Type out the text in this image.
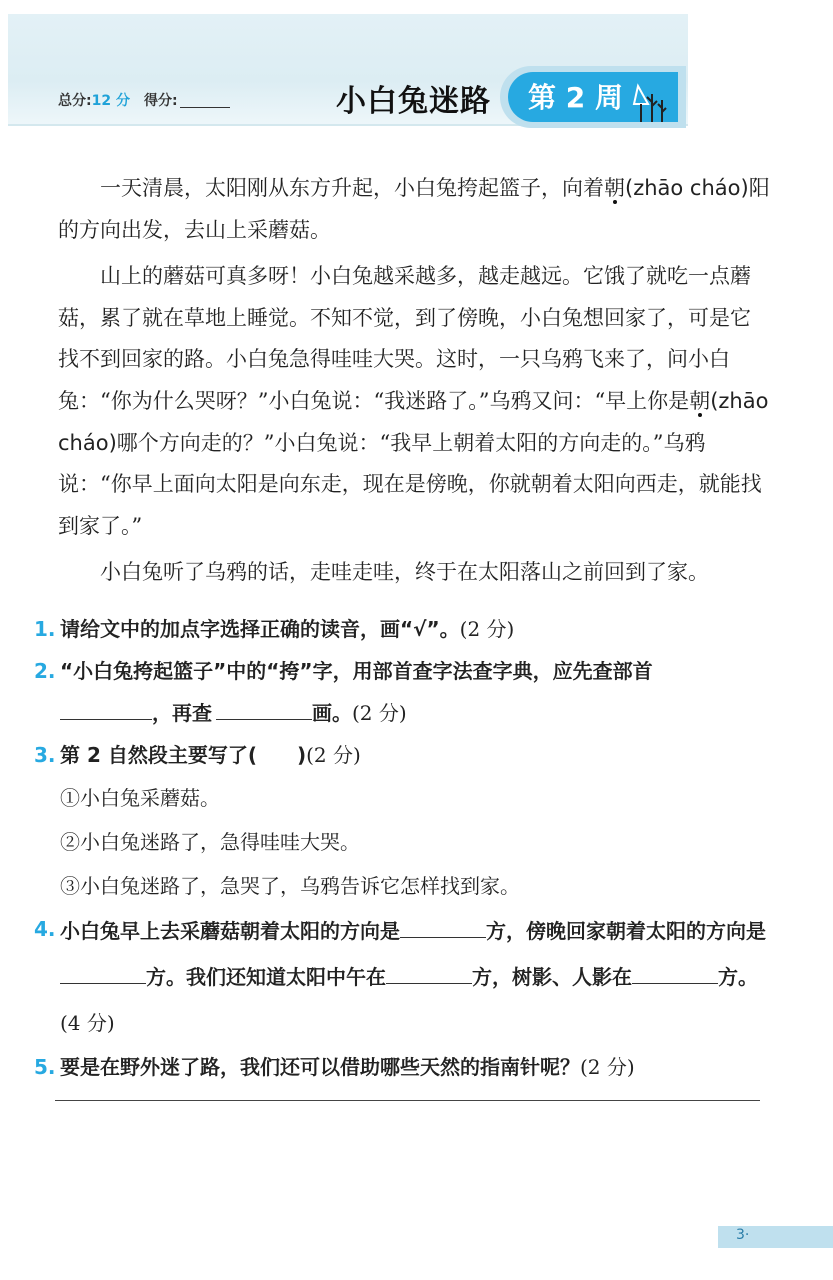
总分: 12 分 得分:	小白兔迷路 第 2 周

一天清晨，太阳刚从东方升起，小白兔挎起篮子，向着朝(zhāo cháo)阳的方向出发，去山上采蘑菇。

山上的蘑菇可真多呀！小白兔越采越多，越走越远。它饿了就吃一点蘑菇，累了就在草地上睡觉。不知不觉，到了傍晚，小白兔想回家了，可是它找不到回家的路。小白兔急得哇哇大哭。这时，一只乌鸦飞来了，问小白兔：“你为什么哭呀？”小白兔说：“我迷路了。”乌鸦又问：“早上你是朝(zhāo cháo)哪个方向走的？”小白兔说：“我早上朝着太阳的方向走的。”乌鸦说：“你早上面向太阳是向东走，现在是傍晚，你就朝着太阳向西走，就能找到家了。”

小白兔听了乌鸦的话，走哇走哇，终于在太阳落山之前回到了家。

1. 请给文中的加点字选择正确的读音，画“√”。(2 分)
2. “小白兔挎起篮子”中的“挎”字，用部首查字法查字典，应先查部首
，再查	画。(2 分)
3. 第 2 自然段主要写了(　　)(2 分)
①小白兔采蘑菇。
②小白兔迷路了，急得哇哇大哭。
③小白兔迷路了，急哭了，乌鸦告诉它怎样找到家。
4. 小白兔早上去采蘑菇朝着太阳的方向是	方，傍晚回家朝着太阳的方向是方。我们还知道太阳中午在	方，树影、人影在	方。(4 分)
5. 要是在野外迷了路，我们还可以借助哪些天然的指南针呢？(2 分)
3·
